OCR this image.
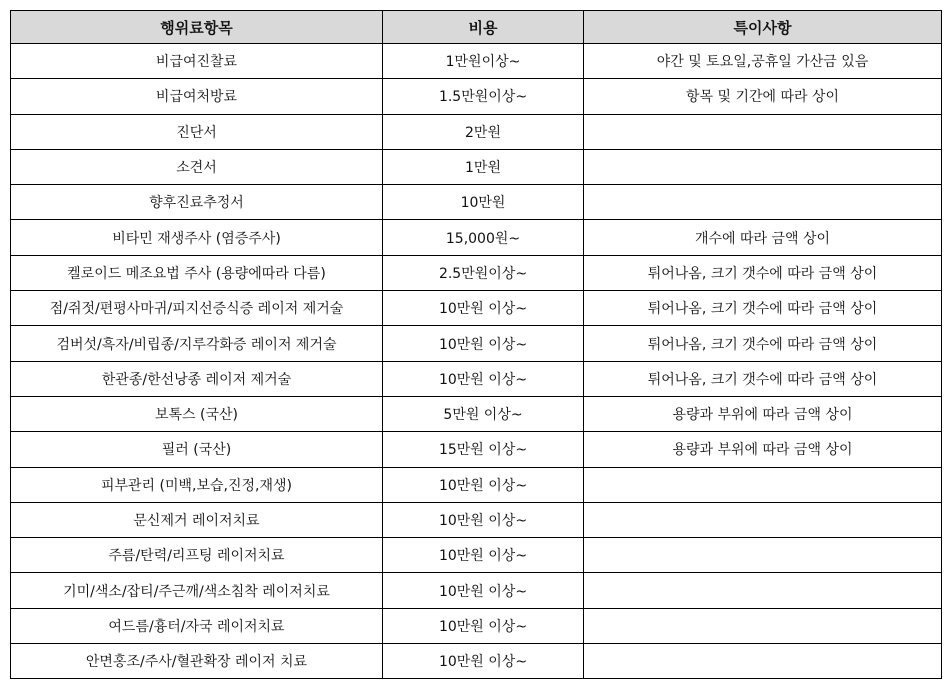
행위료항목	비용	특이사항
비급여진찰료	1만원이상~	야간 및 토요일,공휴일 가산금 있음
비급여처방료	1.5만원이상~	항목 및 기간에 따라 상이
진단서	2만원	
소견서	1만원	
향후진료추정서	10만원	
비타민 재생주사 (염증주사)	15,000원~	개수에 따라 금액 상이
켈로이드 메조요법 주사 (용량에따라 다름)	2.5만원이상~	튀어나옴, 크기 갯수에 따라 금액 상이
점/쥐젓/편평사마귀/피지선증식증 레이저 제거술	10만원 이상~	튀어나옴, 크기 갯수에 따라 금액 상이
검버섯/흑자/비립종/지루각화증 레이저 제거술	10만원 이상~	튀어나옴, 크기 갯수에 따라 금액 상이
한관종/한선낭종 레이저 제거술	10만원 이상~	튀어나옴, 크기 갯수에 따라 금액 상이
보톡스 (국산)	5만원 이상~	용량과 부위에 따라 금액 상이
필러 (국산)	15만원 이상~	용량과 부위에 따라 금액 상이
피부관리 (미백,보습,진정,재생)	10만원 이상~	
문신제거 레이저치료	10만원 이상~	
주름/탄력/리프팅 레이저치료	10만원 이상~	
기미/색소/잡티/주근깨/색소침착 레이저치료	10만원 이상~	
여드름/흉터/자국 레이저치료	10만원 이상~	
안면홍조/주사/혈관확장 레이저 치료	10만원 이상~	
